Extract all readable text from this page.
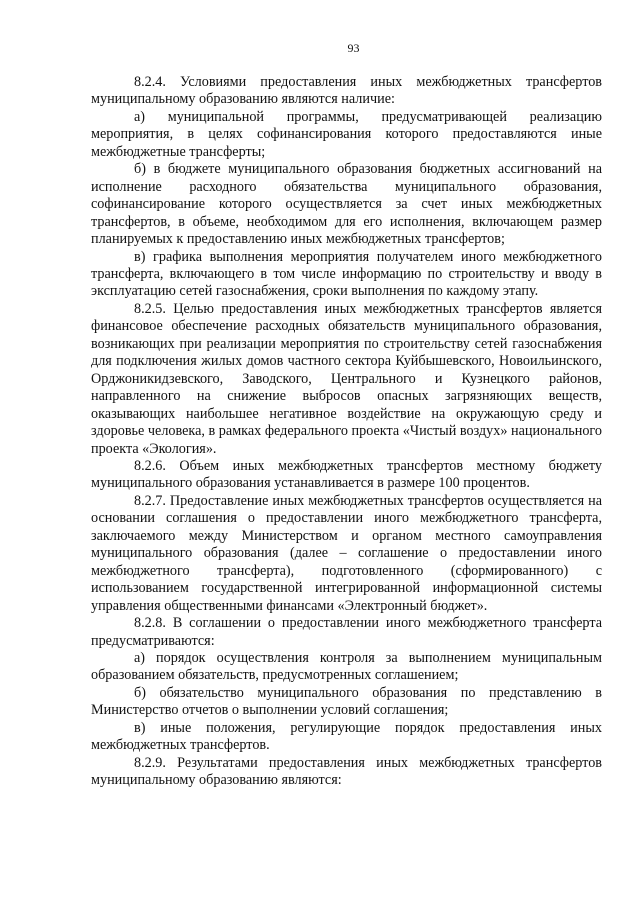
93

8.2.4. Условиями предоставления иных межбюджетных трансфертов муниципальному образованию являются наличие:

а) муниципальной программы, предусматривающей реализацию мероприятия, в целях софинансирования которого предоставляются иные межбюджетные трансферты;

б) в бюджете муниципального образования бюджетных ассигнований на исполнение расходного обязательства муниципального образования, софинансирование которого осуществляется за счет иных межбюджетных трансфертов, в объеме, необходимом для его исполнения, включающем размер планируемых к предоставлению иных межбюджетных трансфертов;

в) графика выполнения мероприятия получателем иного межбюджетного трансферта, включающего в том числе информацию по строительству и вводу в эксплуатацию сетей газоснабжения, сроки выполнения по каждому этапу.

8.2.5. Целью предоставления иных межбюджетных трансфертов является финансовое обеспечение расходных обязательств муниципального образования, возникающих при реализации мероприятия по строительству сетей газоснабжения для подключения жилых домов частного сектора Куйбышевского, Новоильинского, Орджоникидзевского, Заводского, Центрального и Кузнецкого районов, направленного на снижение выбросов опасных загрязняющих веществ, оказывающих наибольшее негативное воздействие на окружающую среду и здоровье человека, в рамках федерального проекта «Чистый воздух» национального проекта «Экология».

8.2.6. Объем иных межбюджетных трансфертов местному бюджету муниципального образования устанавливается в размере 100 процентов.

8.2.7. Предоставление иных межбюджетных трансфертов осуществляется на основании соглашения о предоставлении иного межбюджетного трансферта, заключаемого между Министерством и органом местного самоуправления муниципального образования (далее – соглашение о предоставлении иного межбюджетного трансферта), подготовленного (сформированного) с использованием государственной интегрированной информационной системы управления общественными финансами «Электронный бюджет».

8.2.8. В соглашении о предоставлении иного межбюджетного трансферта предусматриваются:

а) порядок осуществления контроля за выполнением муниципальным образованием обязательств, предусмотренных соглашением;

б) обязательство муниципального образования по представлению в Министерство отчетов о выполнении условий соглашения;

в) иные положения, регулирующие порядок предоставления иных межбюджетных трансфертов.

8.2.9. Результатами предоставления иных межбюджетных трансфертов муниципальному образованию являются:
